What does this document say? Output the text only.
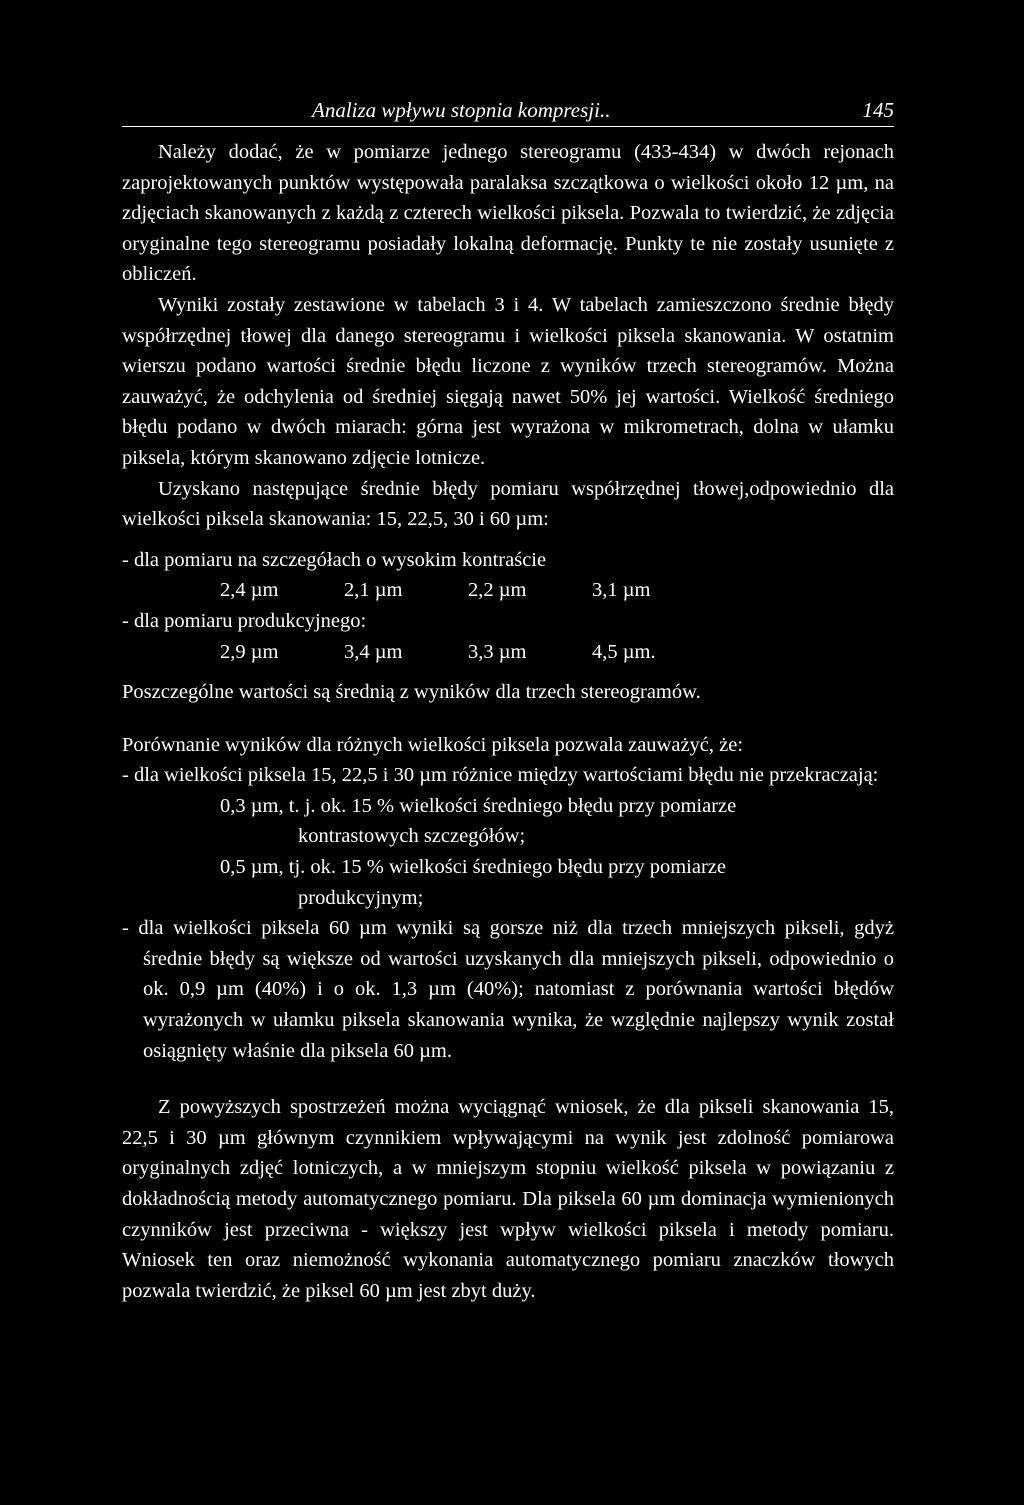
Analiza wpływu stopnia kompresji..	145

Należy dodać, że w pomiarze jednego stereogramu (433-434) w dwóch rejonach zaprojektowanych punktów występowała paralaksa szczątkowa o wielkości około 12 µm, na zdjęciach skanowanych z każdą z czterech wielkości piksela. Pozwala to twierdzić, że zdjęcia oryginalne tego stereogramu posiadały lokalną deformację. Punkty te nie zostały usunięte z obliczeń.

Wyniki zostały zestawione w tabelach 3 i 4. W tabelach zamieszczono średnie błędy współrzędnej tłowej dla danego stereogramu i wielkości piksela skanowania. W ostatnim wierszu podano wartości średnie błędu liczone z wyników trzech stereogramów. Można zauważyć, że odchylenia od średniej sięgają nawet 50% jej wartości. Wielkość średniego błędu podano w dwóch miarach: górna jest wyrażona w mikrometrach, dolna w ułamku piksela, którym skanowano zdjęcie lotnicze.

Uzyskano następujące średnie błędy pomiaru współrzędnej tłowej,odpowiednio dla wielkości piksela skanowania: 15, 22,5, 30 i 60 µm:

- dla pomiaru na szczegółach o wysokim kontraście

2,4 µm	2,1 µm	2,2 µm	3,1 µm

- dla pomiaru produkcyjnego:

2,9 µm	3,4 µm	3,3 µm	4,5 µm.

Poszczególne wartości są średnią z wyników dla trzech stereogramów.

Porównanie wyników dla różnych wielkości piksela pozwala zauważyć, że:

- dla wielkości piksela 15, 22,5 i 30 µm różnice między wartościami błędu nie przekraczają:

0,3 µm, t. j. ok. 15 % wielkości średniego błędu przy pomiarze
kontrastowych szczegółów;

0,5 µm, tj. ok. 15 % wielkości średniego błędu przy pomiarze
produkcyjnym;

- dla wielkości piksela 60 µm wyniki są gorsze niż dla trzech mniejszych pikseli, gdyż średnie błędy są większe od wartości uzyskanych dla mniejszych pikseli, odpowiednio o ok. 0,9 µm (40%) i o ok. 1,3 µm (40%); natomiast z porównania wartości błędów wyrażonych w ułamku piksela skanowania wynika, że względnie najlepszy wynik został osiągnięty właśnie dla piksela 60 µm.

Z powyższych spostrzeżeń można wyciągnąć wniosek, że dla pikseli skanowania 15, 22,5 i 30 µm głównym czynnikiem wpływającymi na wynik jest zdolność pomiarowa oryginalnych zdjęć lotniczych, a w mniejszym stopniu wielkość piksela w powiązaniu z dokładnością metody automatycznego pomiaru. Dla piksela 60 µm dominacja wymienionych czynników jest przeciwna - większy jest wpływ wielkości piksela i metody pomiaru. Wniosek ten oraz niemożność wykonania automatycznego pomiaru znaczków tłowych pozwala twierdzić, że piksel 60 µm jest zbyt duży.
